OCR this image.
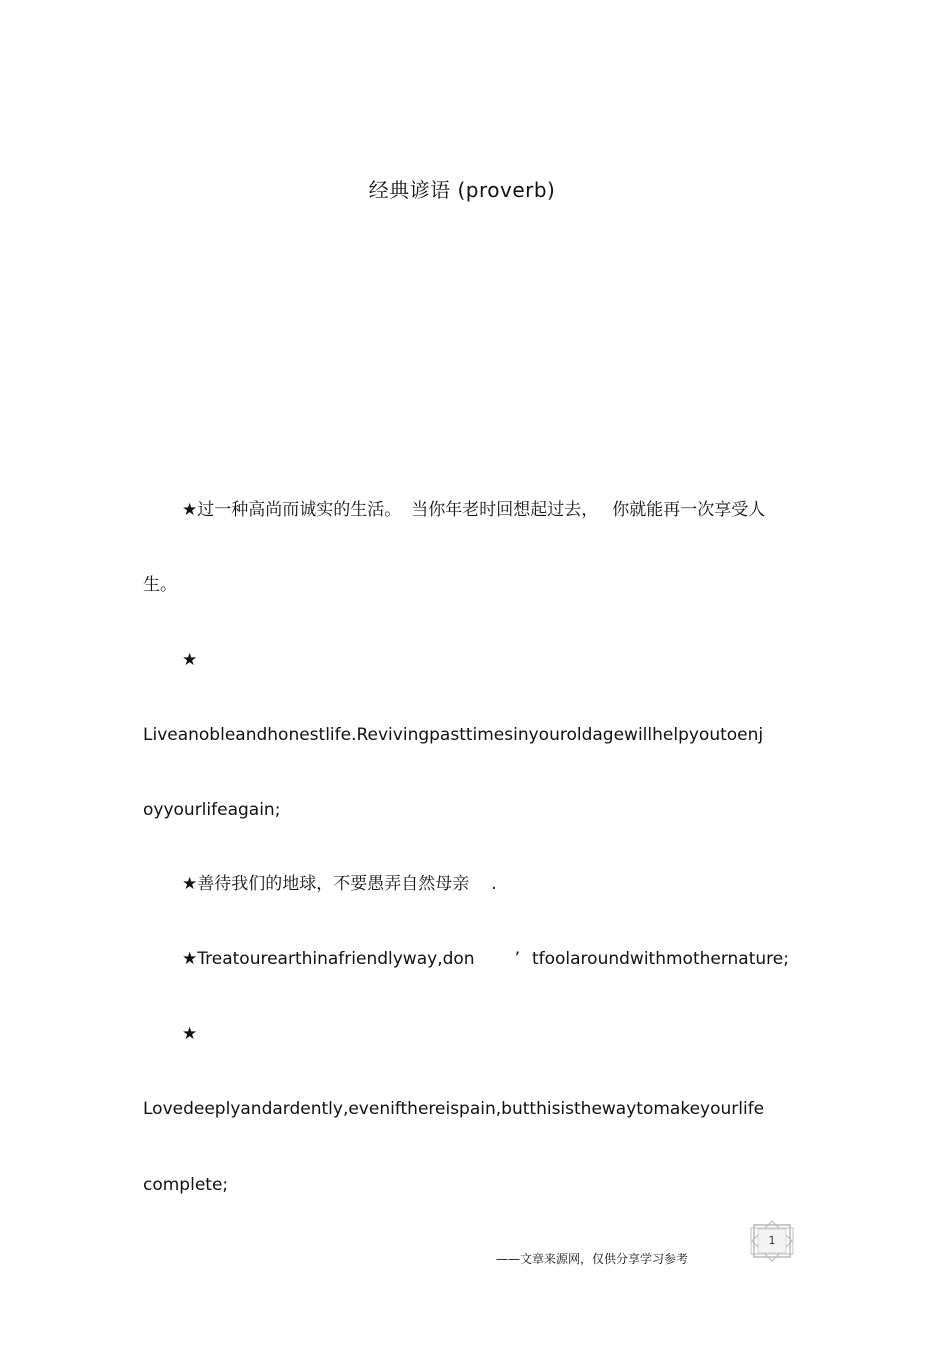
经典谚语 (proverb)
★过一种高尚而诚实的生活。 当你年老时回想起过去， 你就能再一次享受人
生。
★
Liveanobleandhonestlife.Revivingpasttimesinyouroldagewillhelpyoutoenj
oyyourlifeagain;
★善待我们的地球，不要愚弄自然母亲 .
★Treatourearthinafriendlyway,don ’ tfoolaroundwithmothernature;
★
Lovedeeplyandardently,evenifthereispain,butthisisthewaytomakeyourlife
complete;
——文章来源网，仅供分享学习参考
1
